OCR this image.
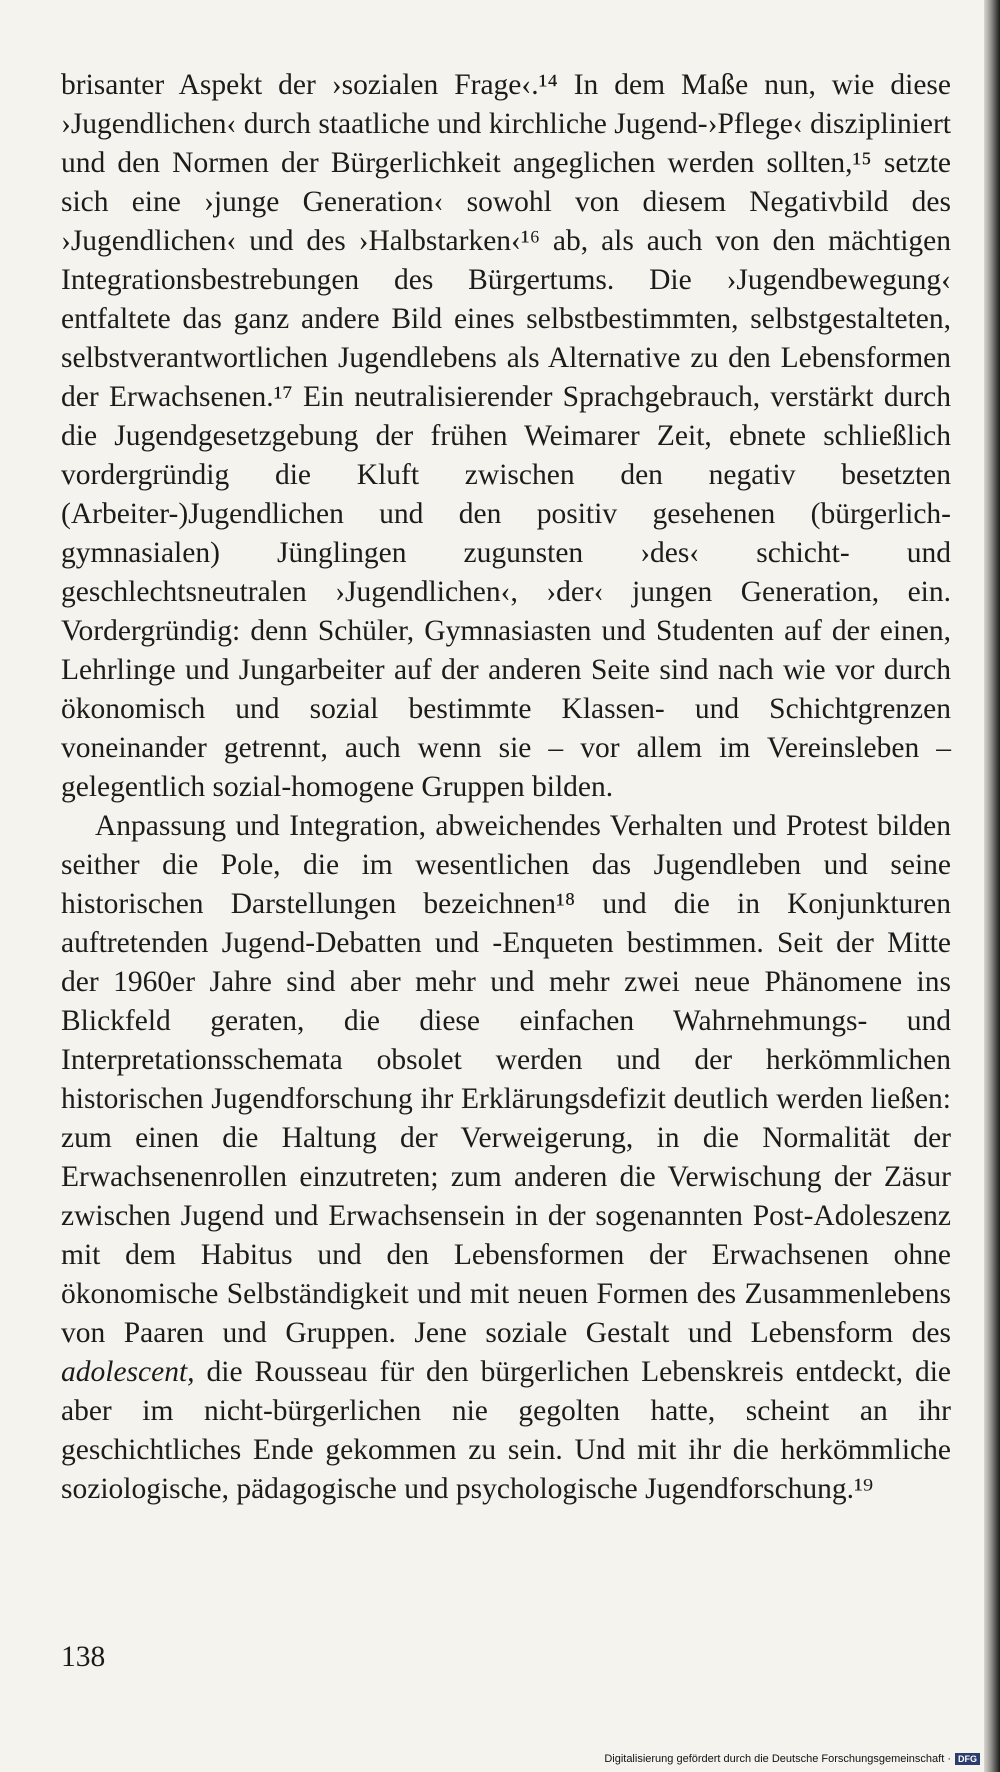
brisanter Aspekt der ›sozialen Frage‹.¹⁴ In dem Maße nun, wie diese ›Jugendlichen‹ durch staatliche und kirchliche Jugend-›Pflege‹ diszipliniert und den Normen der Bürgerlichkeit angeglichen werden sollten,¹⁵ setzte sich eine ›junge Generation‹ sowohl von diesem Negativbild des ›Jugendlichen‹ und des ›Halbstarken‹¹⁶ ab, als auch von den mächtigen Integrationsbestrebungen des Bürgertums. Die ›Jugendbewegung‹ entfaltete das ganz andere Bild eines selbstbestimmten, selbstgestalteten, selbstverantwortlichen Jugendlebens als Alternative zu den Lebensformen der Erwachsenen.¹⁷ Ein neutralisierender Sprachgebrauch, verstärkt durch die Jugendgesetzgebung der frühen Weimarer Zeit, ebnete schließlich vordergründig die Kluft zwischen den negativ besetzten (Arbeiter-)Jugendlichen und den positiv gesehenen (bürgerlich-gymnasialen) Jünglingen zugunsten ›des‹ schicht- und geschlechtsneutralen ›Jugendlichen‹, ›der‹ jungen Generation, ein. Vordergründig: denn Schüler, Gymnasiasten und Studenten auf der einen, Lehrlinge und Jungarbeiter auf der anderen Seite sind nach wie vor durch ökonomisch und sozial bestimmte Klassen- und Schichtgrenzen voneinander getrennt, auch wenn sie – vor allem im Vereinsleben – gelegentlich sozial-homogene Gruppen bilden.

Anpassung und Integration, abweichendes Verhalten und Protest bilden seither die Pole, die im wesentlichen das Jugendleben und seine historischen Darstellungen bezeichnen¹⁸ und die in Konjunkturen auftretenden Jugend-Debatten und -Enqueten bestimmen. Seit der Mitte der 1960er Jahre sind aber mehr und mehr zwei neue Phänomene ins Blickfeld geraten, die diese einfachen Wahrnehmungs- und Interpretationsschemata obsolet werden und der herkömmlichen historischen Jugendforschung ihr Erklärungsdefizit deutlich werden ließen: zum einen die Haltung der Verweigerung, in die Normalität der Erwachsenenrollen einzutreten; zum anderen die Verwischung der Zäsur zwischen Jugend und Erwachsensein in der sogenannten Post-Adoleszenz mit dem Habitus und den Lebensformen der Erwachsenen ohne ökonomische Selbständigkeit und mit neuen Formen des Zusammenlebens von Paaren und Gruppen. Jene soziale Gestalt und Lebensform des adolescent, die Rousseau für den bürgerlichen Lebenskreis entdeckt, die aber im nicht-bürgerlichen nie gegolten hatte, scheint an ihr geschichtliches Ende gekommen zu sein. Und mit ihr die herkömmliche soziologische, pädagogische und psychologische Jugendforschung.¹⁹

138
Digitalisierung gefördert durch die Deutsche Forschungsgemeinschaft · DFG
